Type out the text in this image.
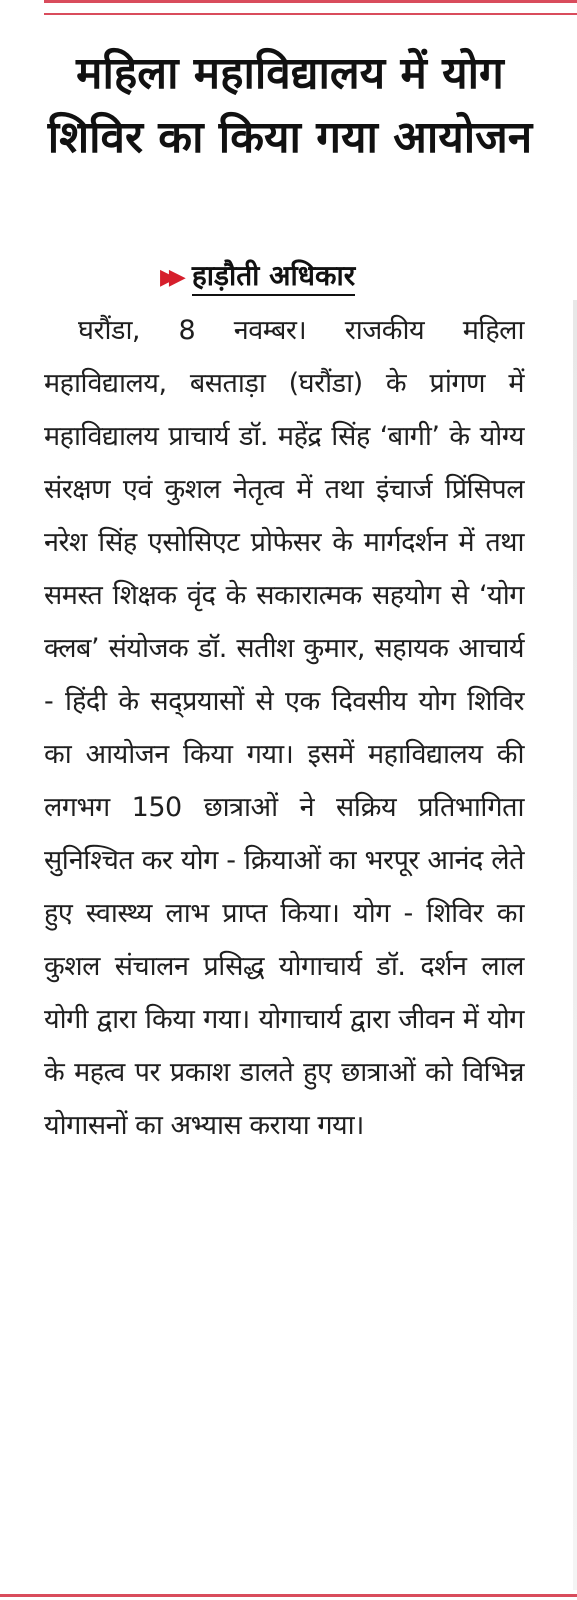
महिला महाविद्यालय में योग शिविर का किया गया आयोजन
▶▶ हाड़ौती अधिकार

घरौंडा, 8 नवम्बर। राजकीय महिला महाविद्यालय, बसताड़ा (घरौंडा) के प्रांगण में महाविद्यालय प्राचार्य डॉ. महेंद्र सिंह ‘बागी’ के योग्य संरक्षण एवं कुशल नेतृत्व में तथा इंचार्ज प्रिंसिपल नरेश सिंह एसोसिएट प्रोफेसर के मार्गदर्शन में तथा समस्त शिक्षक वृंद के सकारात्मक सहयोग से ‘योग क्लब’ संयोजक डॉ. सतीश कुमार, सहायक आचार्य - हिंदी के सद्प्रयासों से एक दिवसीय योग शिविर का आयोजन किया गया। इसमें महाविद्यालय की लगभग 150 छात्राओं ने सक्रिय प्रतिभागिता सुनिश्चित कर योग - क्रियाओं का भरपूर आनंद लेते हुए स्वास्थ्य लाभ प्राप्त किया। योग - शिविर का कुशल संचालन प्रसिद्ध योगाचार्य डॉ. दर्शन लाल योगी द्वारा किया गया। योगाचार्य द्वारा जीवन में योग के महत्व पर प्रकाश डालते हुए छात्राओं को विभिन्न योगासनों का अभ्यास कराया गया।
